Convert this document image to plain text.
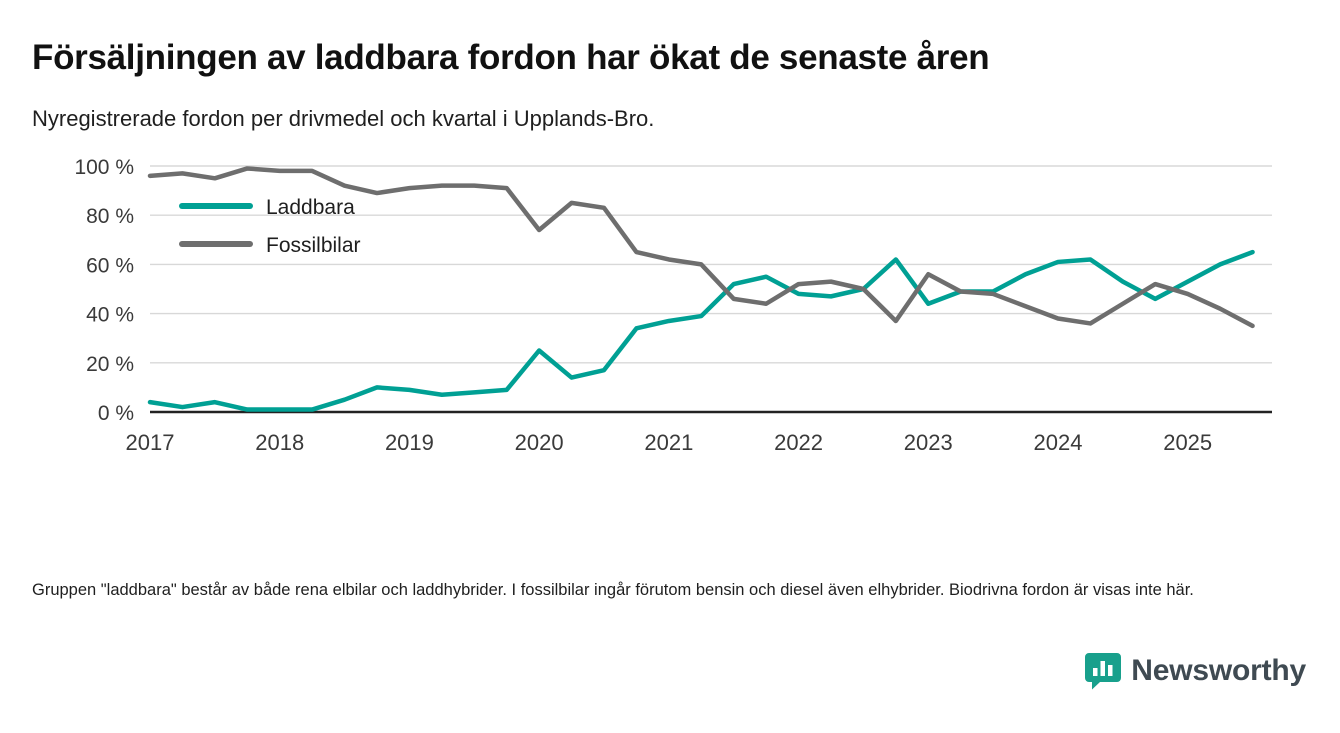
Försäljningen av laddbara fordon har ökat de senaste åren
Nyregistrerade fordon per drivmedel och kvartal i Upplands-Bro.
0 %
20 %
40 %
60 %
80 %
100 %
2017	2018	2019	2020	2021	2022	2023	2024	2025
Laddbara
Fossilbilar

Gruppen "laddbara" består av både rena elbilar och laddhybrider. I fossilbilar ingår förutom bensin och diesel även elhybrider. Biodrivna fordon är visas inte här.

Newsworthy
